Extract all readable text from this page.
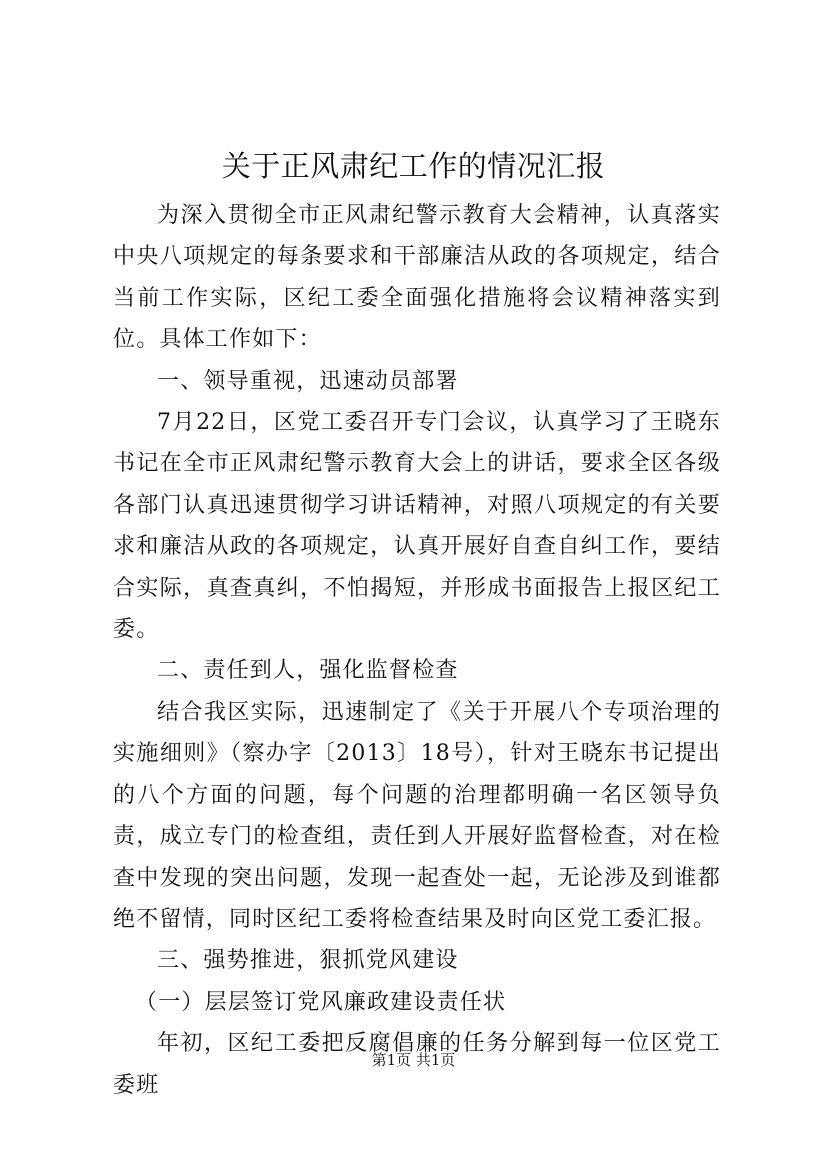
关于正风肃纪工作的情况汇报

为深入贯彻全市正风肃纪警示教育大会精神，认真落实中央八项规定的每条要求和干部廉洁从政的各项规定，结合当前工作实际，区纪工委全面强化措施将会议精神落实到位。具体工作如下：

一、领导重视，迅速动员部署

7月22日，区党工委召开专门会议，认真学习了王晓东书记在全市正风肃纪警示教育大会上的讲话，要求全区各级各部门认真迅速贯彻学习讲话精神，对照八项规定的有关要求和廉洁从政的各项规定，认真开展好自查自纠工作，要结合实际，真查真纠，不怕揭短，并形成书面报告上报区纪工委。

二、责任到人，强化监督检查

结合我区实际，迅速制定了《关于开展八个专项治理的实施细则》（察办字〔2013〕18号），针对王晓东书记提出的八个方面的问题，每个问题的治理都明确一名区领导负责，成立专门的检查组，责任到人开展好监督检查，对在检查中发现的突出问题，发现一起查处一起，无论涉及到谁都绝不留情，同时区纪工委将检查结果及时向区党工委汇报。

三、强势推进，狠抓党风建设

（一）层层签订党风廉政建设责任状

年初，区纪工委把反腐倡廉的任务分解到每一位区党工委班

第1页 共1页
